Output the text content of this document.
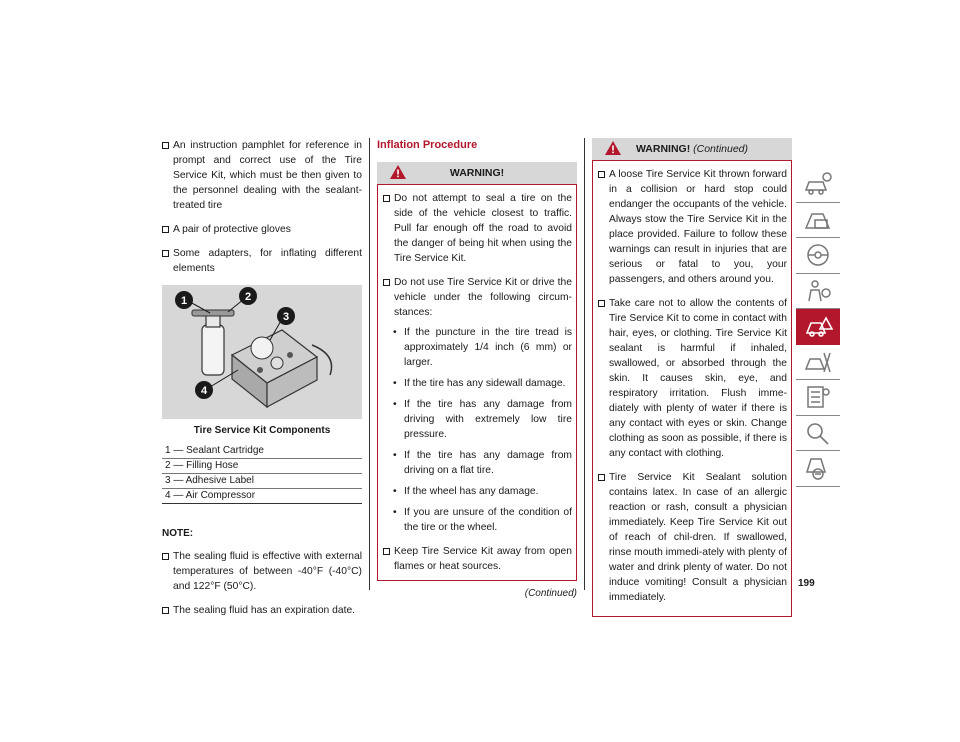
An instruction pamphlet for reference in prompt and correct use of the Tire Service Kit, which must be then given to the personnel dealing with the sealant-treated tire
A pair of protective gloves
Some adapters, for inflating different elements
1	2
3
4
Tire Service Kit Components
1 — Sealant Cartridge
2 — Filling Hose
3 — Adhesive Label
4 — Air Compressor
NOTE:
The sealing fluid is effective with external temperatures of between -40°F (-40°C) and 122°F (50°C).
The sealing fluid has an expiration date.
Inflation Procedure
WARNING!
Do not attempt to seal a tire on the side of the vehicle closest to traffic. Pull far enough off the road to avoid the danger of being hit when using the Tire Service Kit.
Do not use Tire Service Kit or drive the vehicle under the following circum-stances:
• If the puncture in the tire tread is approximately 1/4 inch (6 mm) or larger.
• If the tire has any sidewall damage.
• If the tire has any damage from driving with extremely low tire pressure.
• If the tire has any damage from driving on a flat tire.
• If the wheel has any damage.
• If you are unsure of the condition of the tire or the wheel.
Keep Tire Service Kit away from open flames or heat sources.
(Continued)
WARNING! (Continued)
A loose Tire Service Kit thrown forward in a collision or hard stop could endanger the occupants of the vehicle. Always stow the Tire Service Kit in the place provided. Failure to follow these warnings can result in injuries that are serious or fatal to you, your passengers, and others around you.
Take care not to allow the contents of Tire Service Kit to come in contact with hair, eyes, or clothing. Tire Service Kit sealant is harmful if inhaled, swallowed, or absorbed through the skin. It causes skin, eye, and respiratory irritation. Flush imme-diately with plenty of water if there is any contact with eyes or skin. Change clothing as soon as possible, if there is any contact with clothing.
Tire Service Kit Sealant solution contains latex. In case of an allergic reaction or rash, consult a physician immediately. Keep Tire Service Kit out of reach of chil-dren. If swallowed, rinse mouth immedi-ately with plenty of water and drink plenty of water. Do not induce vomiting! Consult a physician immediately.
199
